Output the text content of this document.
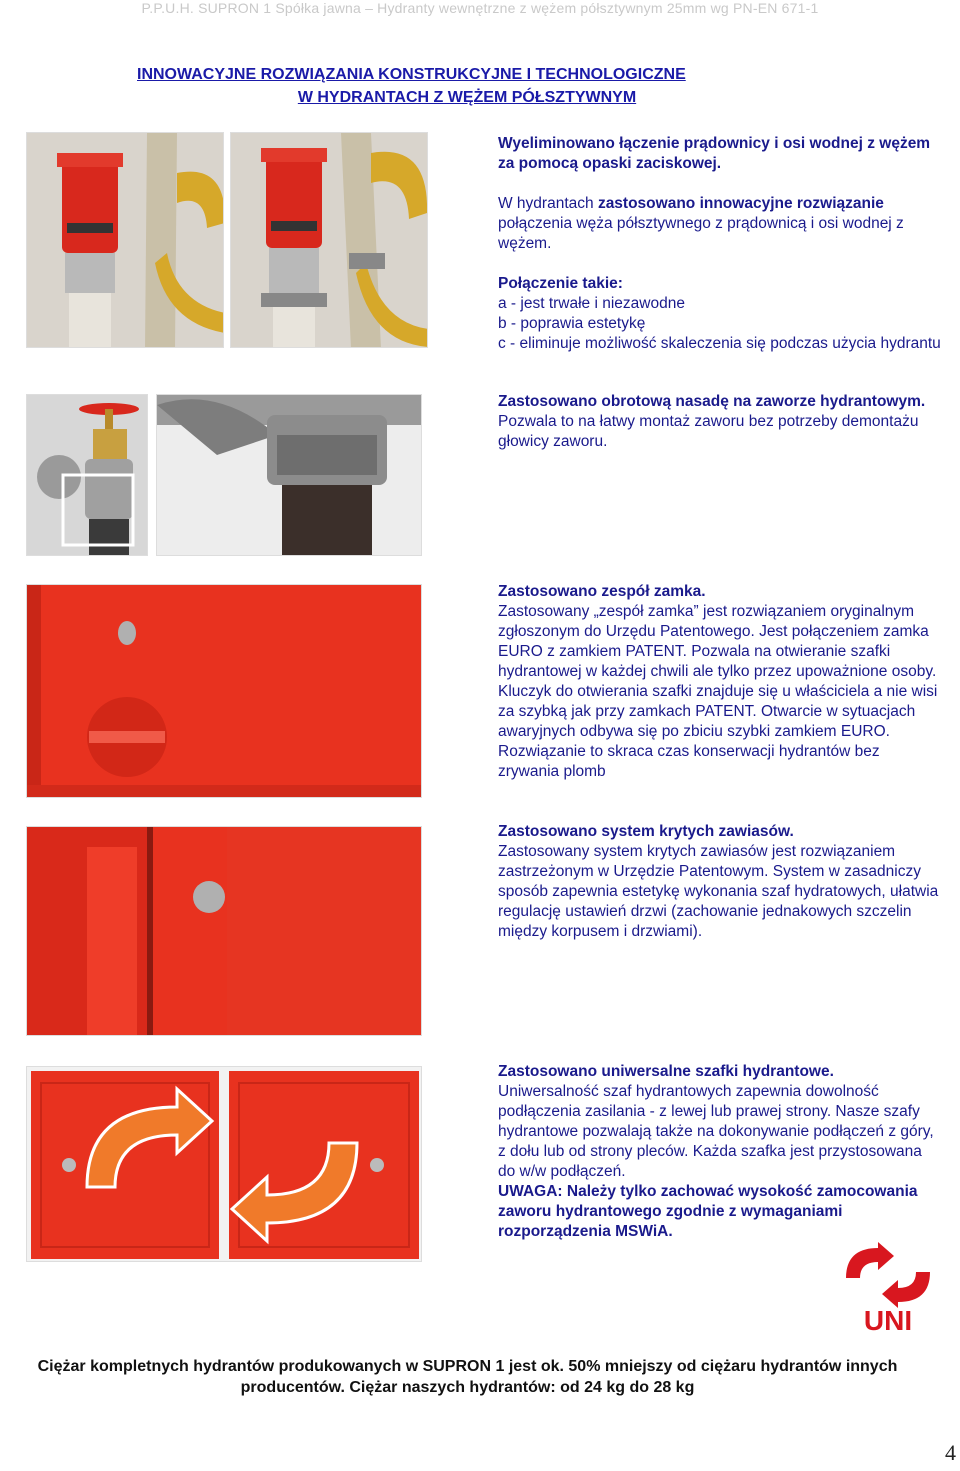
P.P.U.H. SUPRON 1 Spółka jawna – Hydranty wewnętrzne z wężem półsztywnym 25mm wg PN-EN 671-1
INNOWACYJNE ROZWIĄZANIA KONSTRUKCYJNE I TECHNOLOGICZNE
W HYDRANTACH Z WĘŻEM PÓŁSZTYWNYM
Wyeliminowano łączenie prądownicy i osi wodnej z wężem za pomocą opaski zaciskowej.
W hydrantach zastosowano innowacyjne rozwiązanie połączenia węża półsztywnego z prądownicą i osi wodnej z wężem.
Połączenie takie:
a - jest trwałe i niezawodne
b - poprawia estetykę
c - eliminuje możliwość skaleczenia się podczas użycia hydrantu
Zastosowano obrotową nasadę na zaworze hydrantowym.
Pozwala to na łatwy montaż zaworu bez potrzeby demontażu głowicy zaworu.
Zastosowano zespół zamka.
Zastosowany „zespół zamka” jest rozwiązaniem oryginalnym zgłoszonym do Urzędu Patentowego. Jest połączeniem zamka EURO z zamkiem PATENT. Pozwala na otwieranie szafki hydrantowej w każdej chwili ale tylko przez upoważnione osoby. Kluczyk do otwierania szafki znajduje się u właściciela a nie wisi za szybką jak przy zamkach PATENT. Otwarcie w sytuacjach awaryjnych odbywa się po zbiciu szybki zamkiem EURO. Rozwiązanie to skraca czas konserwacji hydrantów bez zrywania plomb
Zastosowano system krytych zawiasów.
Zastosowany system krytych zawiasów jest rozwiązaniem zastrzeżonym w Urzędzie Patentowym. System w zasadniczy sposób zapewnia estetykę wykonania szaf hydratowych, ułatwia regulację ustawień drzwi (zachowanie jednakowych szczelin między korpusem i drzwiami).
Zastosowano uniwersalne szafki hydrantowe.
Uniwersalność szaf hydrantowych zapewnia dowolność podłączenia zasilania - z lewej lub prawej strony. Nasze szafy hydrantowe pozwalają także na dokonywanie podłączeń z góry, z dołu lub od strony pleców. Każda szafka jest przystosowana do w/w podłączeń.
UWAGA: Należy tylko zachować wysokość zamocowania zaworu hydrantowego zgodnie z wymaganiami rozporządzenia MSWiA.
UNI
Ciężar kompletnych hydrantów produkowanych w SUPRON 1 jest ok. 50% mniejszy od ciężaru hydrantów innych producentów. Ciężar naszych hydrantów: od 24 kg do 28 kg
4
